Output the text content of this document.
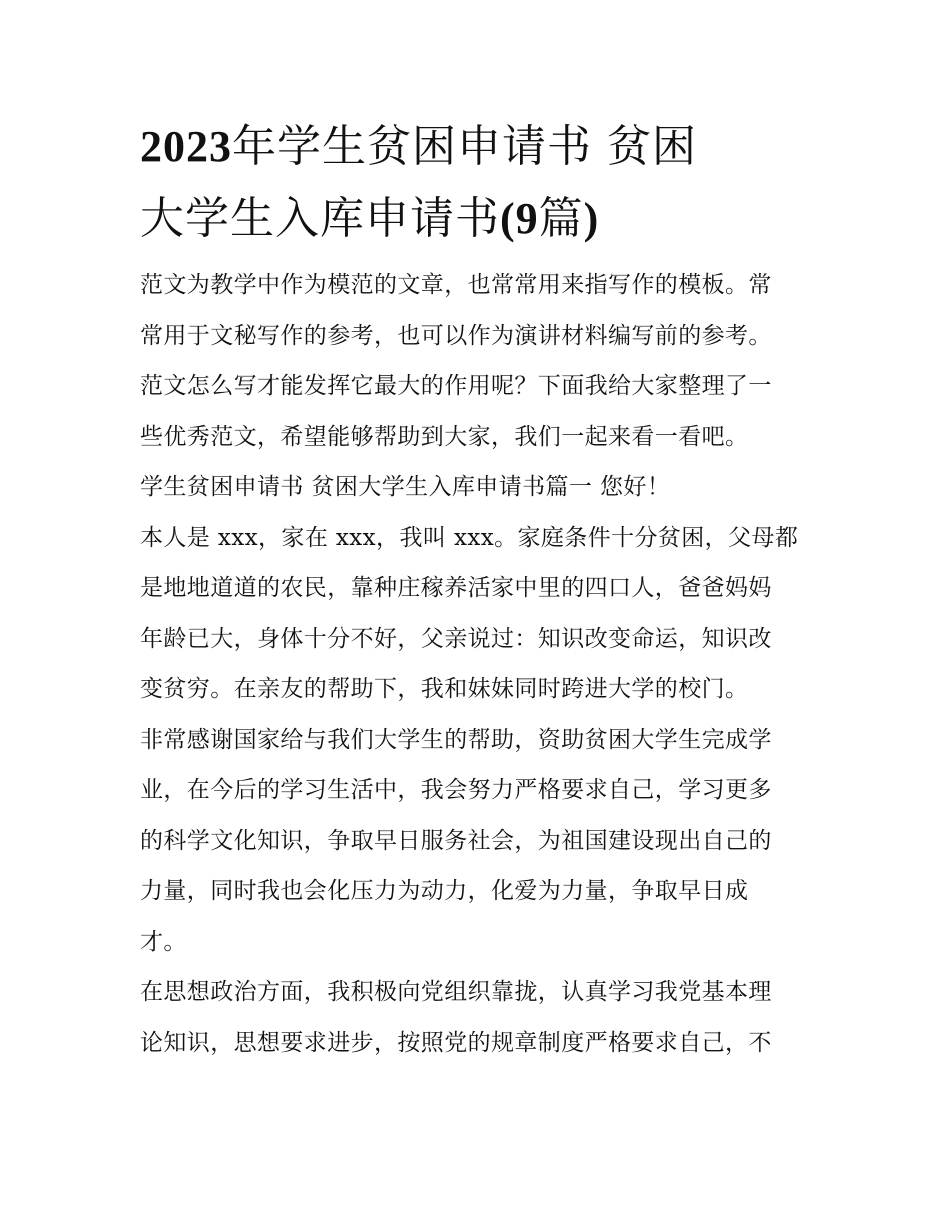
2023年学生贫困申请书 贫困
大学生入库申请书(9篇)

范文为教学中作为模范的文章，也常常用来指写作的模板。常
常用于文秘写作的参考，也可以作为演讲材料编写前的参考。
范文怎么写才能发挥它最大的作用呢？下面我给大家整理了一
些优秀范文，希望能够帮助到大家，我们一起来看一看吧。

学生贫困申请书 贫困大学生入库申请书篇一 您好！

本人是 xxx，家在 xxx，我叫 xxx。家庭条件十分贫困，父母都
是地地道道的农民，靠种庄稼养活家中里的四口人，爸爸妈妈
年龄已大，身体十分不好，父亲说过：知识改变命运，知识改
变贫穷。在亲友的帮助下，我和妹妹同时跨进大学的校门。

非常感谢国家给与我们大学生的帮助，资助贫困大学生完成学
业，在今后的学习生活中，我会努力严格要求自己，学习更多
的科学文化知识，争取早日服务社会，为祖国建设现出自己的
力量，同时我也会化压力为动力，化爱为力量，争取早日成
才。

在思想政治方面，我积极向党组织靠拢，认真学习我党基本理
论知识，思想要求进步，按照党的规章制度严格要求自己，不
